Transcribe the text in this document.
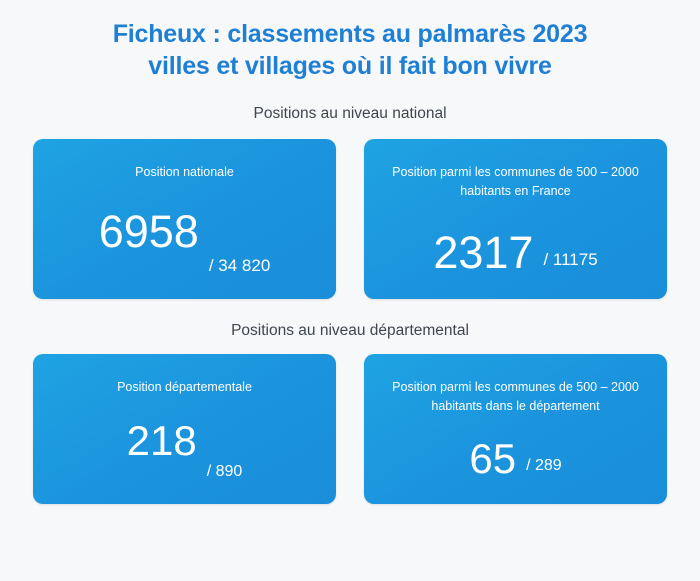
Ficheux : classements au palmarès 2023
villes et villages où il fait bon vivre
Positions au niveau national
Position nationale
6958
/ 34 820
Position parmi les communes de 500 – 2000 habitants en France
2317 / 11175
Positions au niveau départemental
Position départementale
218
/ 890
Position parmi les communes de 500 – 2000 habitants dans le département
65 / 289
